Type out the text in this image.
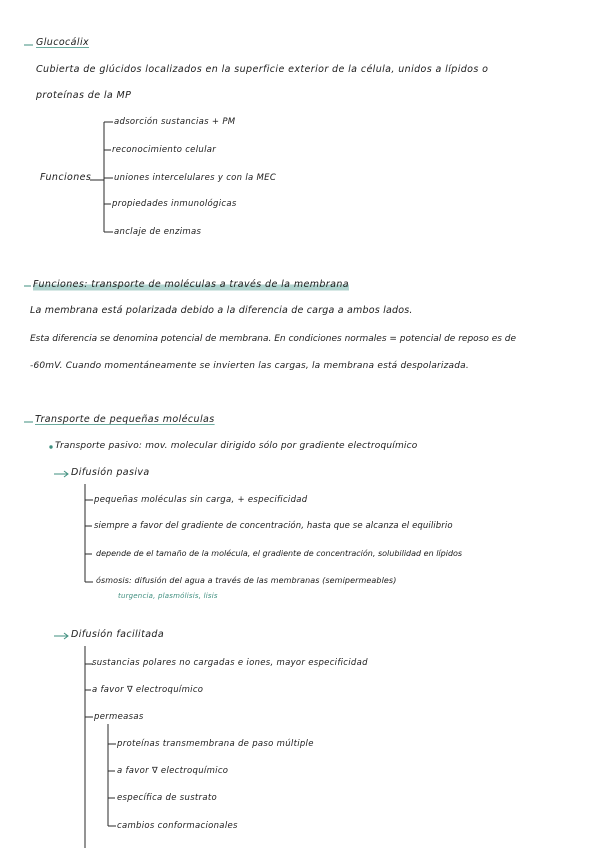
Glucocálix
Cubierta de glúcidos localizados en la superficie exterior de la célula, unidos a lípidos o
proteínas de la MP
Funciones
adsorción sustancias + PM
reconocimiento celular
uniones intercelulares y con la MEC
propiedades inmunológicas
anclaje de enzimas
Funciones: transporte de moléculas a través de la membrana
La membrana está polarizada debido a la diferencia de carga a ambos lados.
Esta diferencia se denomina potencial de membrana. En condiciones normales = potencial de reposo es de
-60mV. Cuando momentáneamente se invierten las cargas, la membrana está despolarizada.
Transporte de pequeñas moléculas
Transporte pasivo: mov. molecular dirigido sólo por gradiente electroquímico
Difusión pasiva
pequeñas moléculas sin carga, + especificidad
siempre a favor del gradiente de concentración, hasta que se alcanza el equilibrio
depende de el tamaño de la molécula, el gradiente de concentración, solubilidad en lípidos
ósmosis: difusión del agua a través de las membranas (semipermeables)
turgencia, plasmólisis, lisis
Difusión facilitada
sustancias polares no cargadas e iones, mayor especificidad
a favor ∇ electroquímico
permeasas
proteínas transmembrana de paso múltiple
a favor ∇ electroquímico
específica de sustrato
cambios conformacionales
